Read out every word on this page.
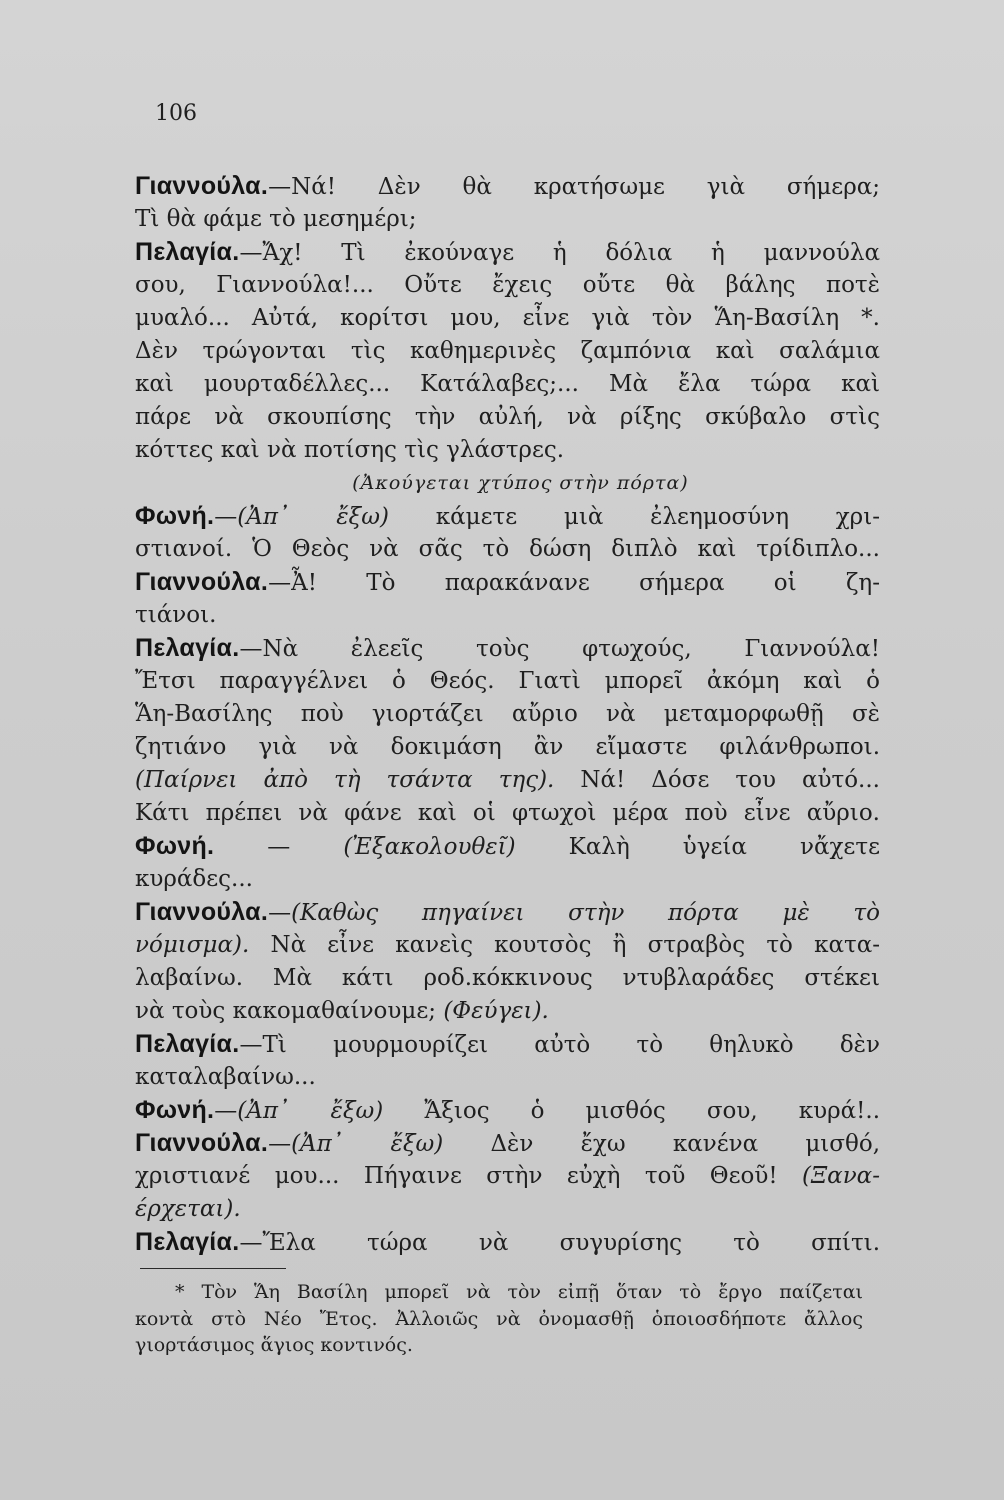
106
Γιαννούλα.—Νά! Δὲν θὰ κρατήσωμε γιὰ σήμερα;
Τὶ θὰ φάμε τὸ μεσημέρι;
Πελαγία.—Ἄχ! Τὶ ἐκούναγε ἡ δόλια ἡ μαννούλα
σου, Γιαννούλα!... Οὔτε ἔχεις οὔτε θὰ βάλης ποτὲ
μυαλό... Αὐτά, κορίτσι μου, εἶνε γιὰ τὸν Ἅη-Βασίλη *.
Δὲν τρώγονται τὶς καθημερινὲς ζαμπόνια καὶ σαλάμια
καὶ μουρταδέλλες... Κατάλαβες;... Μὰ ἔλα τώρα καὶ
πάρε νὰ σκουπίσης τὴν αὐλή, νὰ ρίξης σκύβαλο στὶς
κόττες καὶ νὰ ποτίσης τὶς γλάστρες.
(Ἀκούγεται χτύπος στὴν πόρτα)
Φωνή.—(Ἀπ᾽ ἔξω) κάμετε μιὰ ἐλεημοσύνη χρι-
στιανοί. Ὁ Θεὸς νὰ σᾶς τὸ δώση διπλὸ καὶ τρίδιπλο...
Γιαννούλα.—Ἆ! Τὸ παρακάνανε σήμερα οἱ ζη-
τιάνοι.
Πελαγία.—Νὰ ἐλεεῖς τοὺς φτωχούς, Γιαννούλα!
Ἔτσι παραγγέλνει ὁ Θεός. Γιατὶ μπορεῖ ἀκόμη καὶ ὁ
Ἅη-Βασίλης ποὺ γιορτάζει αὔριο νὰ μεταμορφωθῇ σὲ
ζητιάνο γιὰ νὰ δοκιμάση ἂν εἴμαστε φιλάνθρωποι.
(Παίρνει ἀπὸ τὴ τσάντα της). Νά! Δόσε του αὐτό...
Κάτι πρέπει νὰ φάνε καὶ οἱ φτωχοὶ μέρα ποὺ εἶνε αὔριο.
Φωνή. — (Ἐξακολουθεῖ) Καλὴ ὑγεία νἄχετε
κυράδες...
Γιαννούλα.—(Καθὼς πηγαίνει στὴν πόρτα μὲ τὸ
νόμισμα). Νὰ εἶνε κανεὶς κουτσὸς ἢ στραβὸς τὸ κατα-
λαβαίνω. Μὰ κάτι ροδ.κόκκινους ντυβλαράδες στέκει
νὰ τοὺς κακομαθαίνουμε; (Φεύγει).
Πελαγία.—Τὶ μουρμουρίζει αὐτὸ τὸ θηλυκὸ δὲν
καταλαβαίνω...
Φωνή.—(Ἀπ᾽ ἔξω) Ἄξιος ὁ μισθός σου, κυρά!..
Γιαννούλα.—(Ἀπ᾽ ἔξω) Δὲν ἔχω κανένα μισθό,
χριστιανέ μου... Πήγαινε στὴν εὐχὴ τοῦ Θεοῦ! (Ξανα-
έρχεται).
Πελαγία.—Ἔλα τώρα νὰ συγυρίσης τὸ σπίτι.
* Τὸν Ἅη Βασίλη μπορεῖ νὰ τὸν εἰπῇ ὅταν τὸ ἔργο παίζεται
κοντὰ στὸ Νέο Ἔτος. Ἀλλοιῶς νὰ ὀνομασθῇ ὁποιοσδήποτε ἄλλος
γιορτάσιμος ἅγιος κοντινός.
